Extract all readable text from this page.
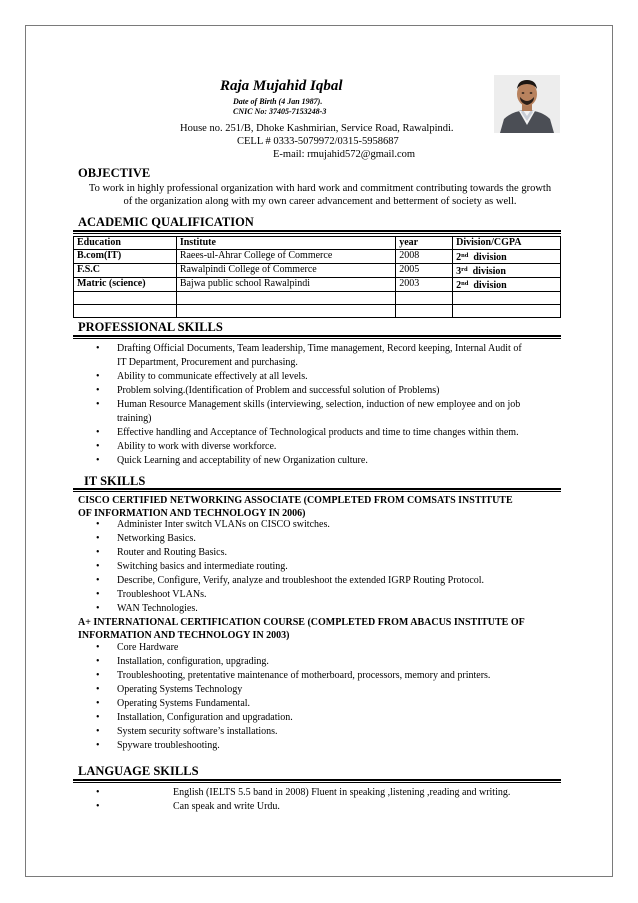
Raja Mujahid Iqbal
Date of Birth (4 Jan 1987).
CNIC No: 37405-7153248-3
House no. 251/B, Dhoke Kashmirian, Service Road, Rawalpindi.
CELL # 0333-5079972/0315-5958687
E-mail: rmujahid572@gmail.com
OBJECTIVE
To work in highly professional organization with hard work and commitment contributing towards the growth
of the organization along with my own career advancement and betterment of society as well.
ACADEMIC QUALIFICATION
Education	Institute	year	Division/CGPA
B.com(IT)	Raees-ul-Ahrar College of Commerce	2008	2nd division
F.S.C	Rawalpindi College of Commerce	2005	3rd division
Matric (science)	Bajwa public school Rawalpindi	2003	2nd division

PROFESSIONAL SKILLS
• Drafting Official Documents, Team leadership, Time management, Record keeping, Internal Audit of
IT Department, Procurement and purchasing.
• Ability to communicate effectively at all levels.
• Problem solving.(Identification of Problem and successful solution of Problems)
• Human Resource Management skills (interviewing, selection, induction of new employee and on job
training)
• Effective handling and Acceptance of Technological products and time to time changes within them.
• Ability to work with diverse workforce.
• Quick Learning and acceptability of new Organization culture.
IT SKILLS
CISCO CERTIFIED NETWORKING ASSOCIATE (COMPLETED FROM COMSATS INSTITUTE
OF INFORMATION AND TECHNOLOGY IN 2006)
• Administer Inter switch VLANs on CISCO switches.
• Networking Basics.
• Router and Routing Basics.
• Switching basics and intermediate routing.
• Describe, Configure, Verify, analyze and troubleshoot the extended IGRP Routing Protocol.
• Troubleshoot VLANs.
• WAN Technologies.
A+ INTERNATIONAL CERTIFICATION COURSE (COMPLETED FROM ABACUS INSTITUTE OF
INFORMATION AND TECHNOLOGY IN 2003)
• Core Hardware
• Installation, configuration, upgrading.
• Troubleshooting, pretentative maintenance of motherboard, processors, memory and printers.
• Operating Systems Technology
• Operating Systems Fundamental.
• Installation, Configuration and upgradation.
• System security software’s installations.
• Spyware troubleshooting.
LANGUAGE SKILLS
•	English (IELTS 5.5 band in 2008) Fluent in speaking ,listening ,reading and writing.
•	Can speak and write Urdu.
